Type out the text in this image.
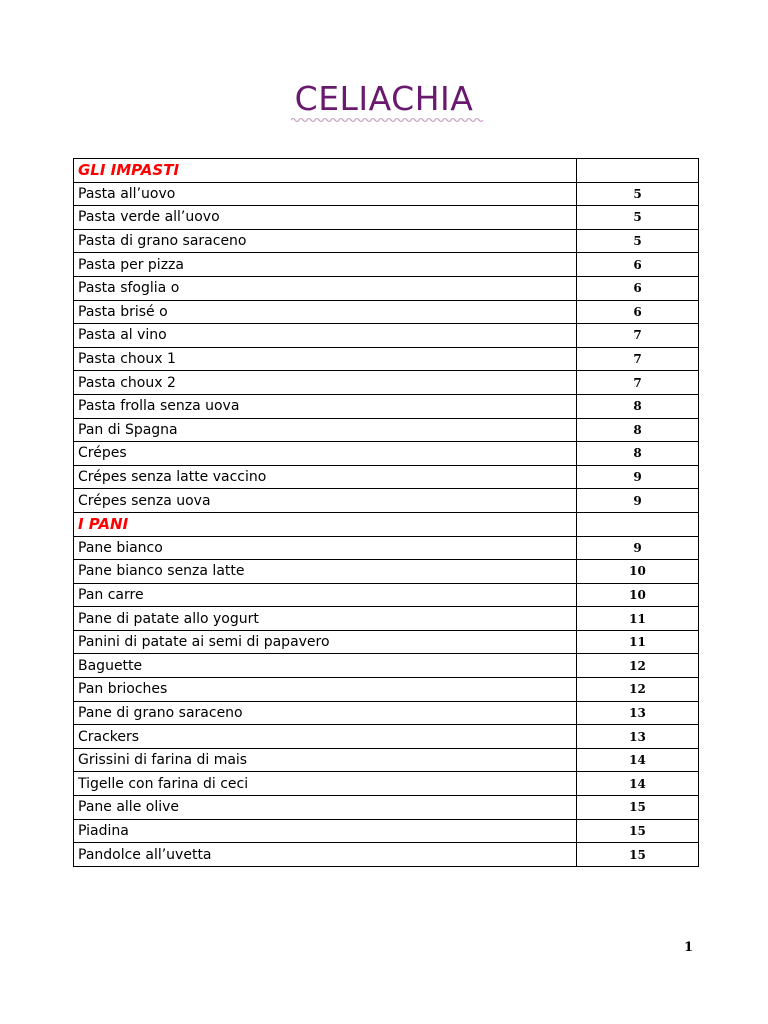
CELIACHIA
GLI IMPASTI	
Pasta all’uovo	5
Pasta verde all’uovo	5
Pasta di grano saraceno	5
Pasta per pizza	6
Pasta sfoglia o	6
Pasta brisé o	6
Pasta al vino	7
Pasta choux 1	7
Pasta choux 2	7
Pasta frolla senza uova	8
Pan di Spagna	8
Crépes	8
Crépes senza latte vaccino	9
Crépes senza uova	9
I PANI	
Pane bianco	9
Pane bianco senza latte	10
Pan carre	10
Pane di patate allo yogurt	11
Panini di patate ai semi di papavero	11
Baguette	12
Pan brioches	12
Pane di grano saraceno	13
Crackers	13
Grissini di farina di mais	14
Tigelle con farina di ceci	14
Pane alle olive	15
Piadina	15
Pandolce all’uvetta	15
1
